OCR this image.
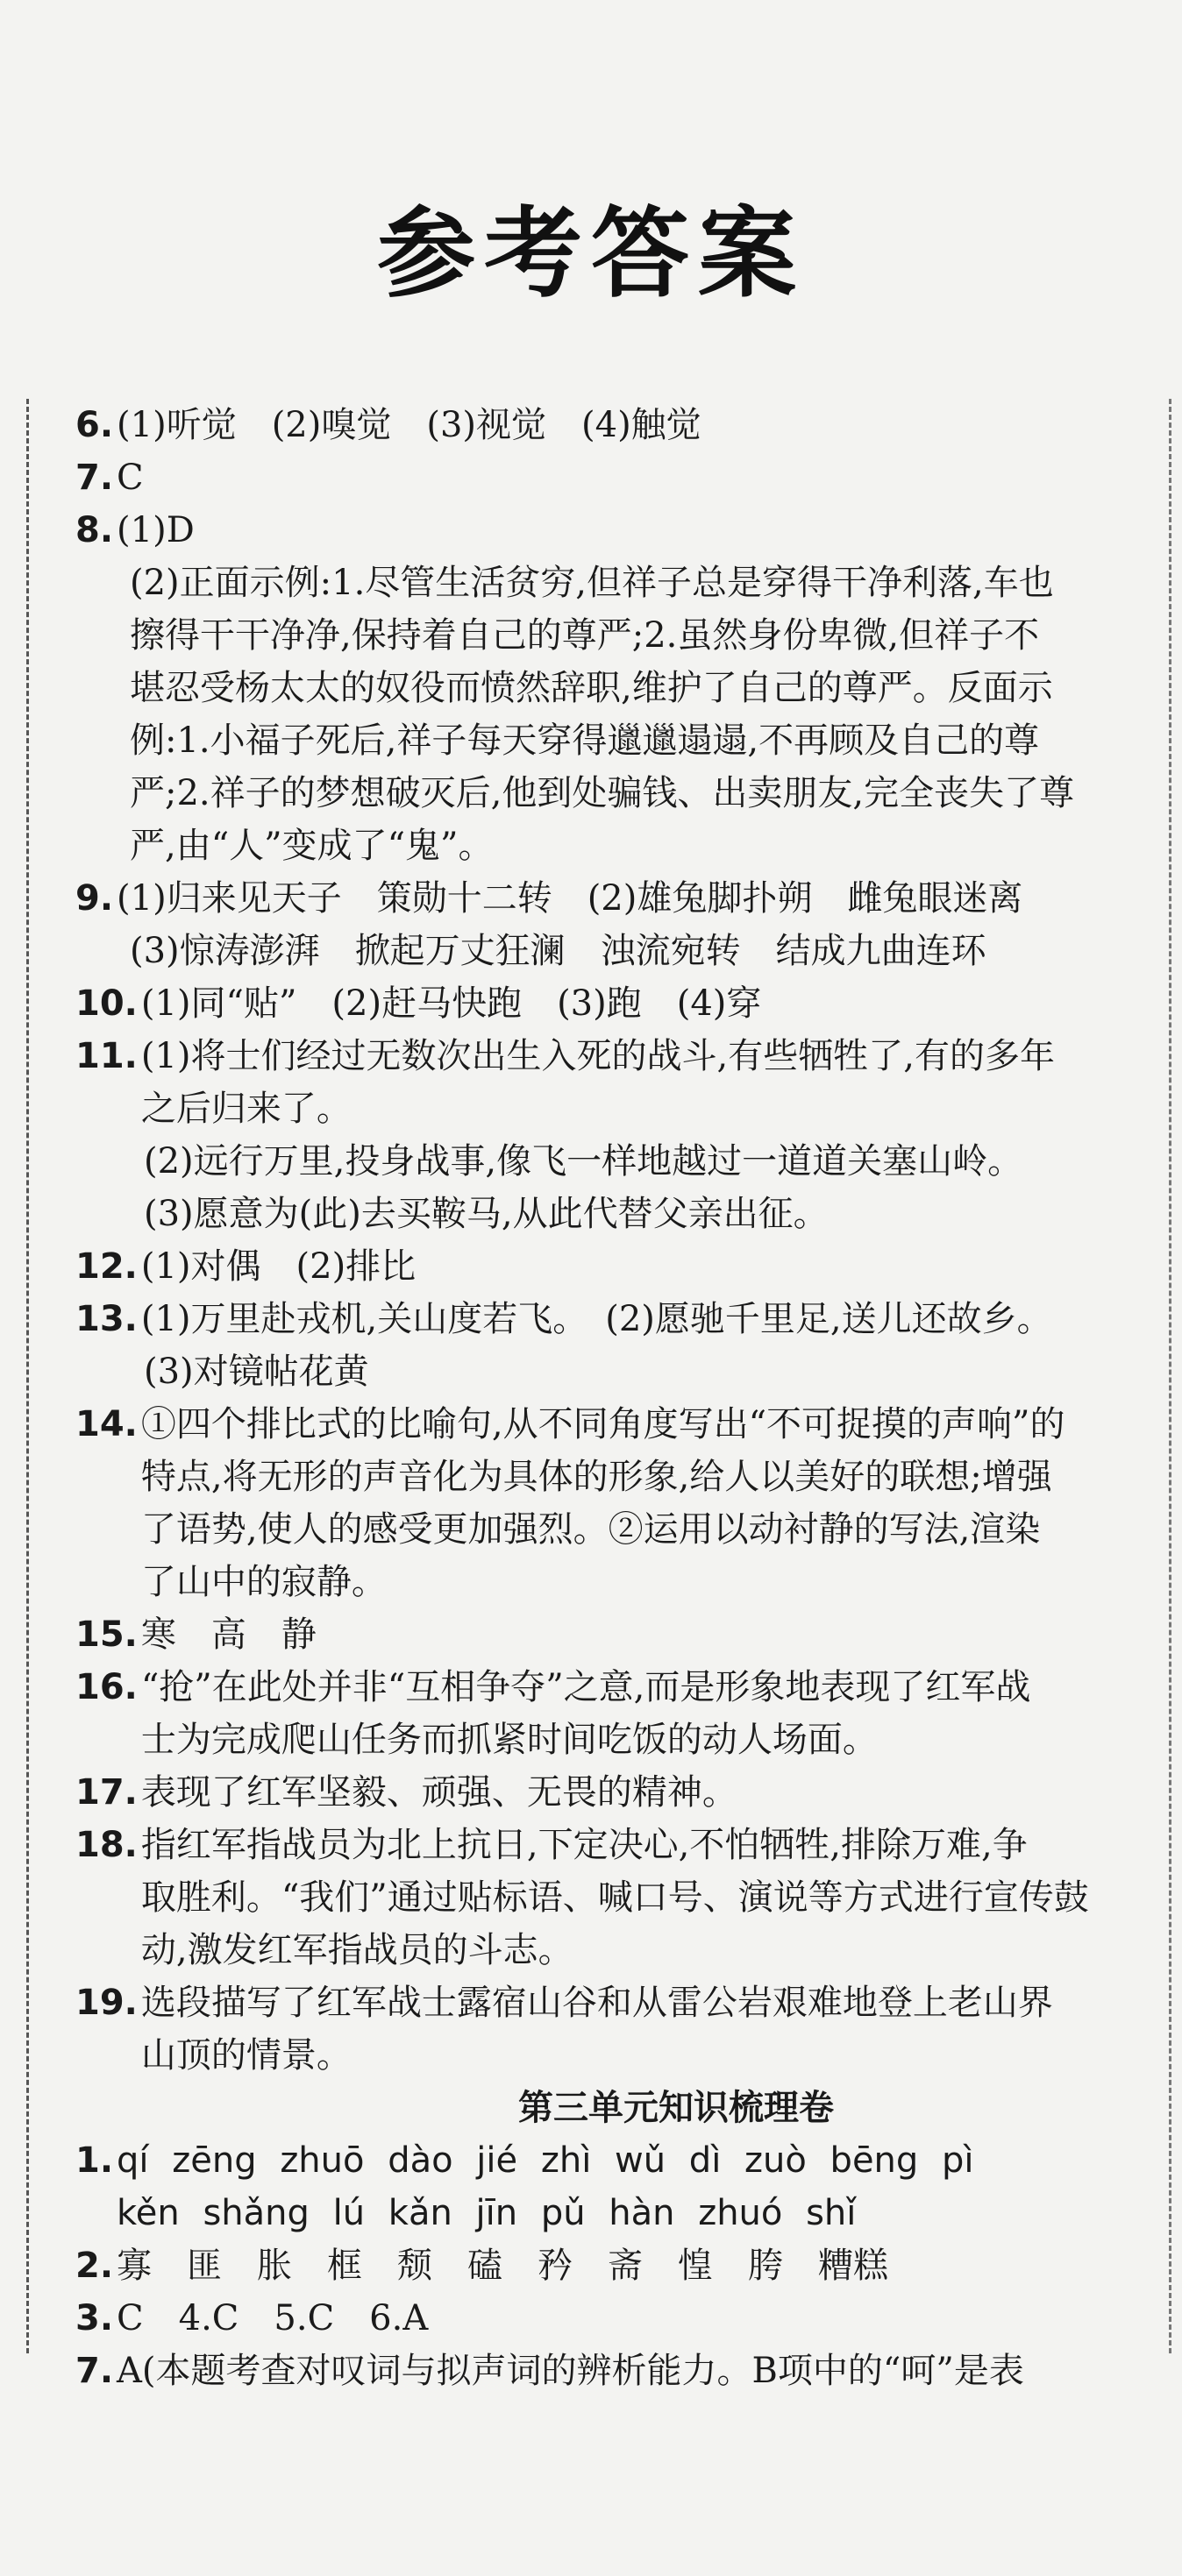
参考答案
6. (1)听觉　(2)嗅觉　(3)视觉　(4)触觉
7. C
8. (1)D
(2)正面示例:1.尽管生活贫穷,但祥子总是穿得干净利落,车也
擦得干干净净,保持着自己的尊严;2.虽然身份卑微,但祥子不
堪忍受杨太太的奴役而愤然辞职,维护了自己的尊严。反面示
例:1.小福子死后,祥子每天穿得邋邋遢遢,不再顾及自己的尊
严;2.祥子的梦想破灭后,他到处骗钱、出卖朋友,完全丧失了尊
严,由“人”变成了“鬼”。
9. (1)归来见天子　策勋十二转　(2)雄兔脚扑朔　雌兔眼迷离
(3)惊涛澎湃　掀起万丈狂澜　浊流宛转　结成九曲连环
10. (1)同“贴”　(2)赶马快跑　(3)跑　(4)穿
11. (1)将士们经过无数次出生入死的战斗,有些牺牲了,有的多年
之后归来了。
(2)远行万里,投身战事,像飞一样地越过一道道关塞山岭。
(3)愿意为(此)去买鞍马,从此代替父亲出征。
12. (1)对偶　(2)排比
13. (1)万里赴戎机,关山度若飞。　(2)愿驰千里足,送儿还故乡。
(3)对镜帖花黄
14. ①四个排比式的比喻句,从不同角度写出“不可捉摸的声响”的
特点,将无形的声音化为具体的形象,给人以美好的联想;增强
了语势,使人的感受更加强烈。②运用以动衬静的写法,渲染
了山中的寂静。
15. 寒　高　静
16. “抢”在此处并非“互相争夺”之意,而是形象地表现了红军战
士为完成爬山任务而抓紧时间吃饭的动人场面。
17. 表现了红军坚毅、顽强、无畏的精神。
18. 指红军指战员为北上抗日,下定决心,不怕牺牲,排除万难,争
取胜利。“我们”通过贴标语、喊口号、演说等方式进行宣传鼓
动,激发红军指战员的斗志。
19. 选段描写了红军战士露宿山谷和从雷公岩艰难地登上老山界
山顶的情景。
第三单元知识梳理卷
1. qí zēng zhuō dào jié zhì wǔ dì zuò bēng pì
kěn shǎng lú kǎn jīn pǔ hàn zhuó shǐ
2. 寡　匪　胀　框　颓　磕　矜　斋　惶　胯　糟糕
3. C　4.C　5.C　6.A
7. A(本题考查对叹词与拟声词的辨析能力。B项中的“呵”是表
